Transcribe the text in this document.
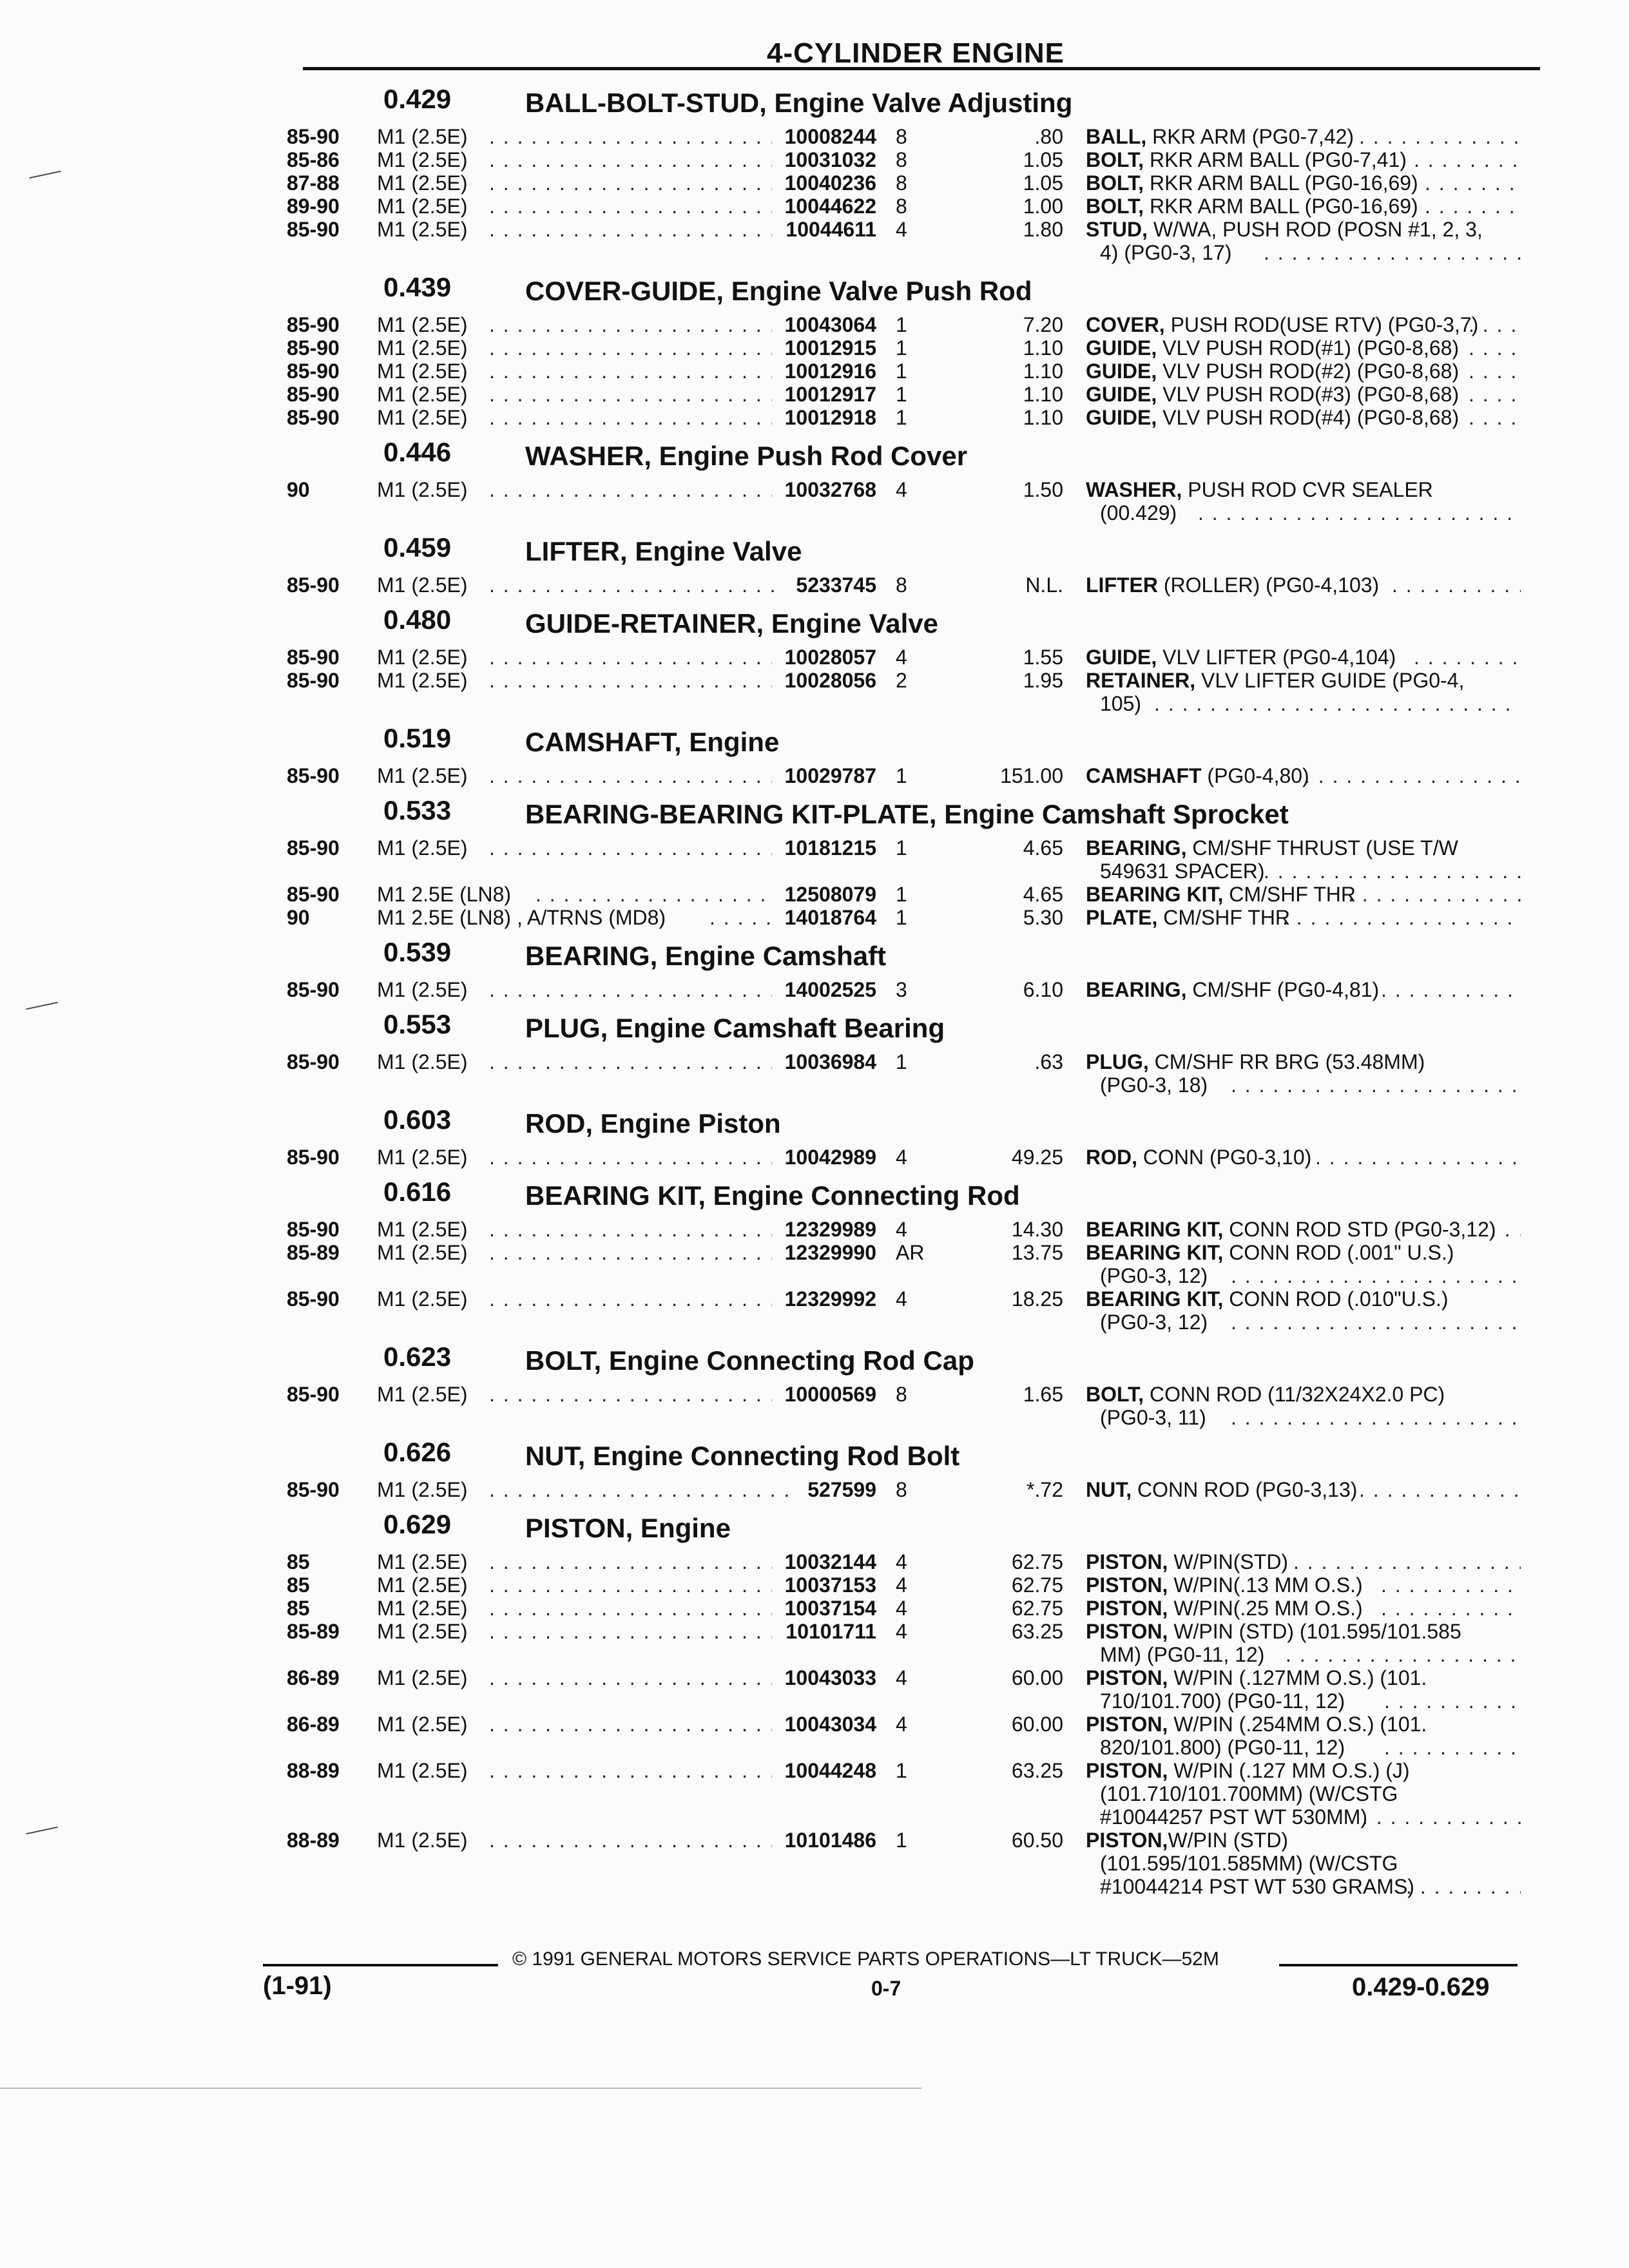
4-CYLINDER ENGINE
0.429	BALL-BOLT-STUD, Engine Valve Adjusting
85-90 M1 (2.5E) . . .	10008244 8	.80 BALL, RKR ARM (PG0-7,42)
. . .
85-86 M1 (2.5E) . . .	10031032 8	1.05 BOLT, RKR ARM BALL (PG0-7,41)
. . .
87-88 M1 (2.5E) . . .	10040236 8	1.05 BOLT, RKR ARM BALL (PG0-16,69)
. . .
89-90 M1 (2.5E) . . .	10044622 8	1.00 BOLT, RKR ARM BALL (PG0-16,69)
. . .
85-90 M1 (2.5E) . . .	10044611 4	1.80 STUD, W/WA, PUSH ROD (POSN #1, 2, 3,
4) (PG0-3, 17)
. . .
0.439	COVER-GUIDE, Engine Valve Push Rod
85-90 M1 (2.5E) . . .	10043064 1	7.20 COVER, PUSH ROD(USE RTV) (PG0-3,7)
. . .
85-90 M1 (2.5E) . . .	10012915 1	1.10 GUIDE, VLV PUSH ROD(#1) (PG0-8,68)
. . .
85-90 M1 (2.5E) . . .	10012916 1	1.10 GUIDE, VLV PUSH ROD(#2) (PG0-8,68)
. . .
85-90 M1 (2.5E) . . .	10012917 1	1.10 GUIDE, VLV PUSH ROD(#3) (PG0-8,68)
. . .
85-90 M1 (2.5E) . . .	10012918 1	1.10 GUIDE, VLV PUSH ROD(#4) (PG0-8,68)
. . .
0.446	WASHER, Engine Push Rod Cover
90	M1 (2.5E) . . .	10032768 4	1.50 WASHER, PUSH ROD CVR SEALER
(00.429)
. . .
0.459	LIFTER, Engine Valve
85-90 M1 (2.5E) . . .	5233745 8	N.L. LIFTER (ROLLER) (PG0-4,103)
. . .
0.480	GUIDE-RETAINER, Engine Valve
85-90 M1 (2.5E) . . .	10028057 4	1.55 GUIDE, VLV LIFTER (PG0-4,104)
. . .
85-90 M1 (2.5E) . . .	10028056 2	1.95 RETAINER, VLV LIFTER GUIDE (PG0-4,
105)
. . .
0.519	CAMSHAFT, Engine
85-90 M1 (2.5E) . . .	10029787 1	151.00 CAMSHAFT (PG0-4,80)
. . .
0.533	BEARING-BEARING KIT-PLATE, Engine Camshaft Sprocket
85-90 M1 (2.5E) . . .	10181215 1	4.65 BEARING, CM/SHF THRUST (USE T/W
549631 SPACER)
. . .
85-90 M1 2.5E (LN8) . . .	12508079 1	4.65 BEARING KIT, CM/SHF THR
. . .
90	M1 2.5E (LN8) , A/TRNS (MD8) . . .	14018764 1	5.30 PLATE, CM/SHF THR
. . .
0.539	BEARING, Engine Camshaft
85-90 M1 (2.5E) . . .	14002525 3	6.10 BEARING, CM/SHF (PG0-4,81)
. . .
0.553	PLUG, Engine Camshaft Bearing
85-90 M1 (2.5E) . . .	10036984 1	.63 PLUG, CM/SHF RR BRG (53.48MM)
(PG0-3, 18)
. . .
0.603	ROD, Engine Piston
85-90 M1 (2.5E) . . .	10042989 4	49.25 ROD, CONN (PG0-3,10)
. . .
0.616	BEARING KIT, Engine Connecting Rod
85-90 M1 (2.5E) . . .	12329989 4	14.30 BEARING KIT, CONN ROD STD (PG0-3,12)
. . .
85-89 M1 (2.5E) . . .	12329990 AR	13.75 BEARING KIT, CONN ROD (.001" U.S.)
(PG0-3, 12)
. . .
85-90 M1 (2.5E) . . .	12329992 4	18.25 BEARING KIT, CONN ROD (.010"U.S.)
(PG0-3, 12)
. . .
0.623	BOLT, Engine Connecting Rod Cap
85-90 M1 (2.5E) . . .	10000569 8	1.65 BOLT, CONN ROD (11/32X24X2.0 PC)
(PG0-3, 11)
. . .
0.626	NUT, Engine Connecting Rod Bolt
85-90 M1 (2.5E) . . .	527599 8	*.72 NUT, CONN ROD (PG0-3,13)
. . .
0.629	PISTON, Engine
85	M1 (2.5E) . . .	10032144 4	62.75 PISTON, W/PIN(STD)
. . .
85	M1 (2.5E) . . .	10037153 4	62.75 PISTON, W/PIN(.13 MM O.S.)
. . .
85	M1 (2.5E) . . .	10037154 4	62.75 PISTON, W/PIN(.25 MM O.S.)
. . .
85-89 M1 (2.5E) . . .	10101711 4	63.25 PISTON, W/PIN (STD) (101.595/101.585
MM) (PG0-11, 12)
. . .
86-89 M1 (2.5E) . . .	10043033 4	60.00 PISTON, W/PIN (.127MM O.S.) (101.
710/101.700) (PG0-11, 12)
. . .
86-89 M1 (2.5E) . . .	10043034 4	60.00 PISTON, W/PIN (.254MM O.S.) (101.
820/101.800) (PG0-11, 12)
. . .
88-89 M1 (2.5E) . . .	10044248 1	63.25 PISTON, W/PIN (.127 MM O.S.) (J)
(101.710/101.700MM) (W/CSTG
#10044257 PST WT 530MM)
. . .
88-89 M1 (2.5E) . . .	10101486 1	60.50 PISTON,W/PIN (STD)
(101.595/101.585MM) (W/CSTG
#10044214 PST WT 530 GRAMS)
. . .
© 1991 GENERAL MOTORS SERVICE PARTS OPERATIONS—LT TRUCK—52M
(1-91)	0-7	0.429-0.629
